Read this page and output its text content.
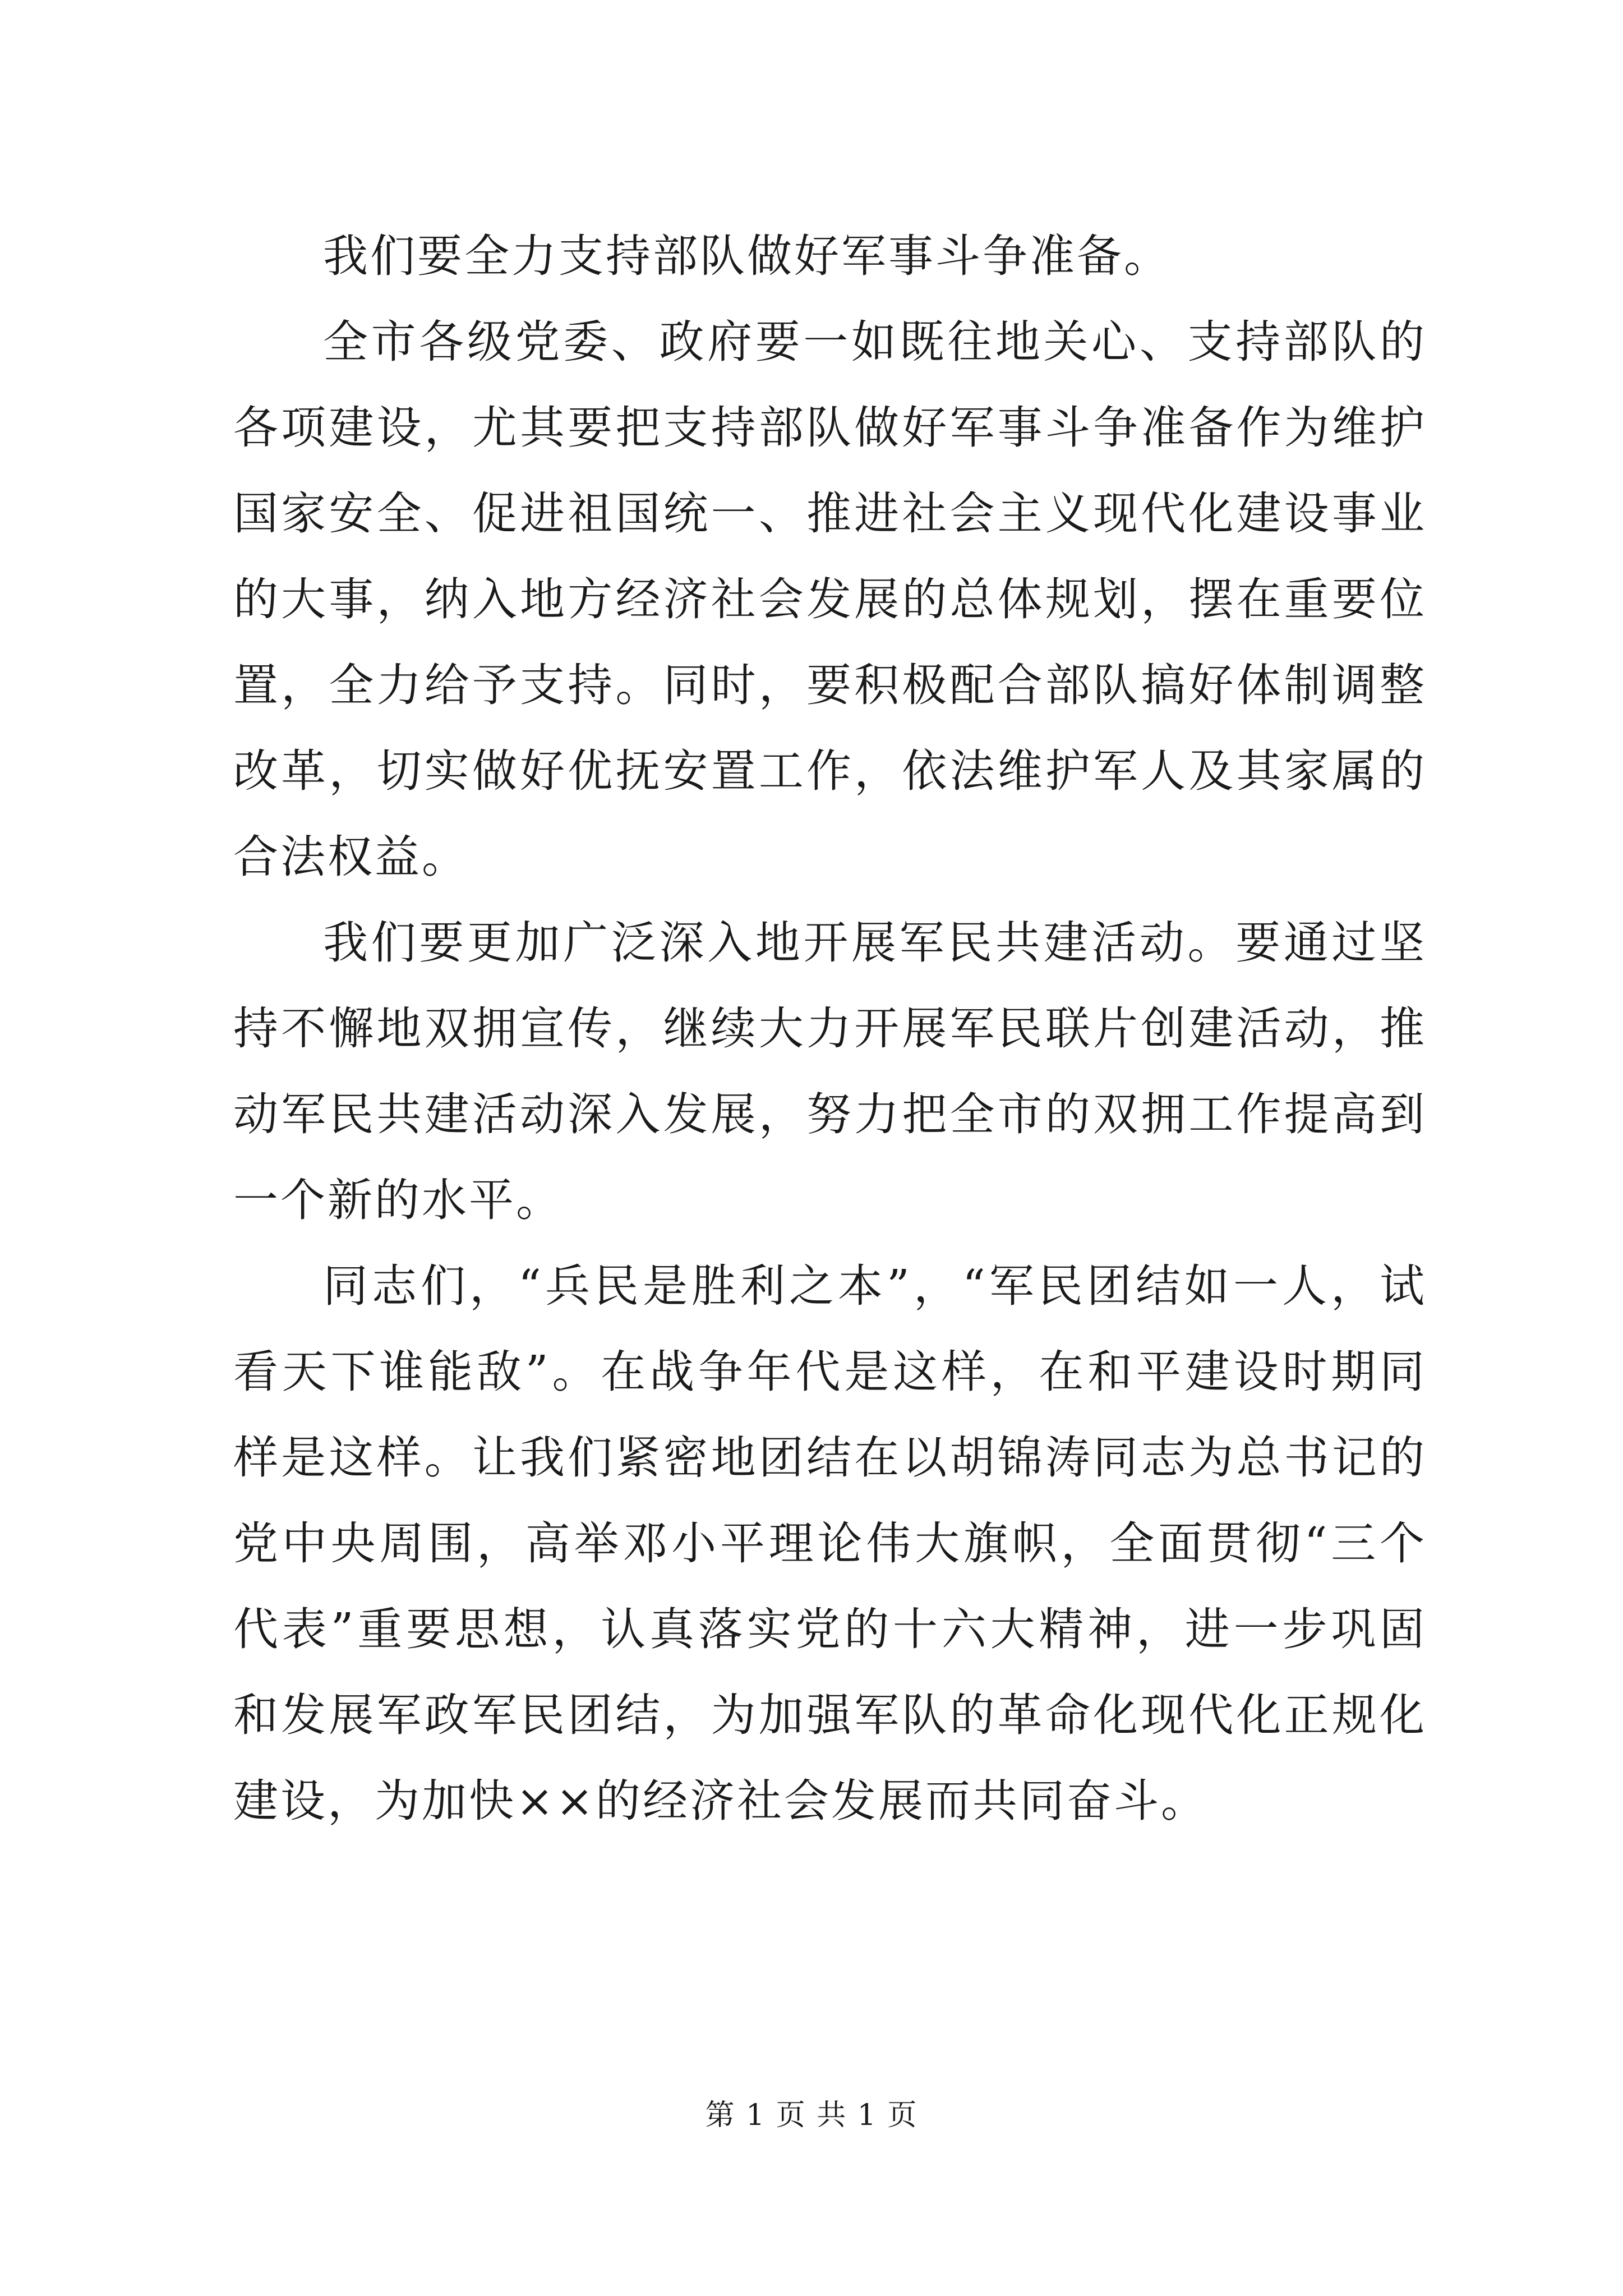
我们要全力支持部队做好军事斗争准备。

全市各级党委、政府要一如既往地关心、支持部队的各项建设，尤其要把支持部队做好军事斗争准备作为维护国家安全、促进祖国统一、推进社会主义现代化建设事业的大事，纳入地方经济社会发展的总体规划，摆在重要位置，全力给予支持。同时，要积极配合部队搞好体制调整改革，切实做好优抚安置工作，依法维护军人及其家属的合法权益。

我们要更加广泛深入地开展军民共建活动。要通过坚持不懈地双拥宣传，继续大力开展军民联片创建活动，推动军民共建活动深入发展，努力把全市的双拥工作提高到一个新的水平。

同志们，“兵民是胜利之本”，“军民团结如一人，试看天下谁能敌”。在战争年代是这样，在和平建设时期同样是这样。让我们紧密地团结在以胡锦涛同志为总书记的党中央周围，高举邓小平理论伟大旗帜，全面贯彻“三个代表”重要思想，认真落实党的十六大精神，进一步巩固和发展军政军民团结，为加强军队的革命化现代化正规化建设，为加快××的经济社会发展而共同奋斗。

第 1 页 共 1 页
